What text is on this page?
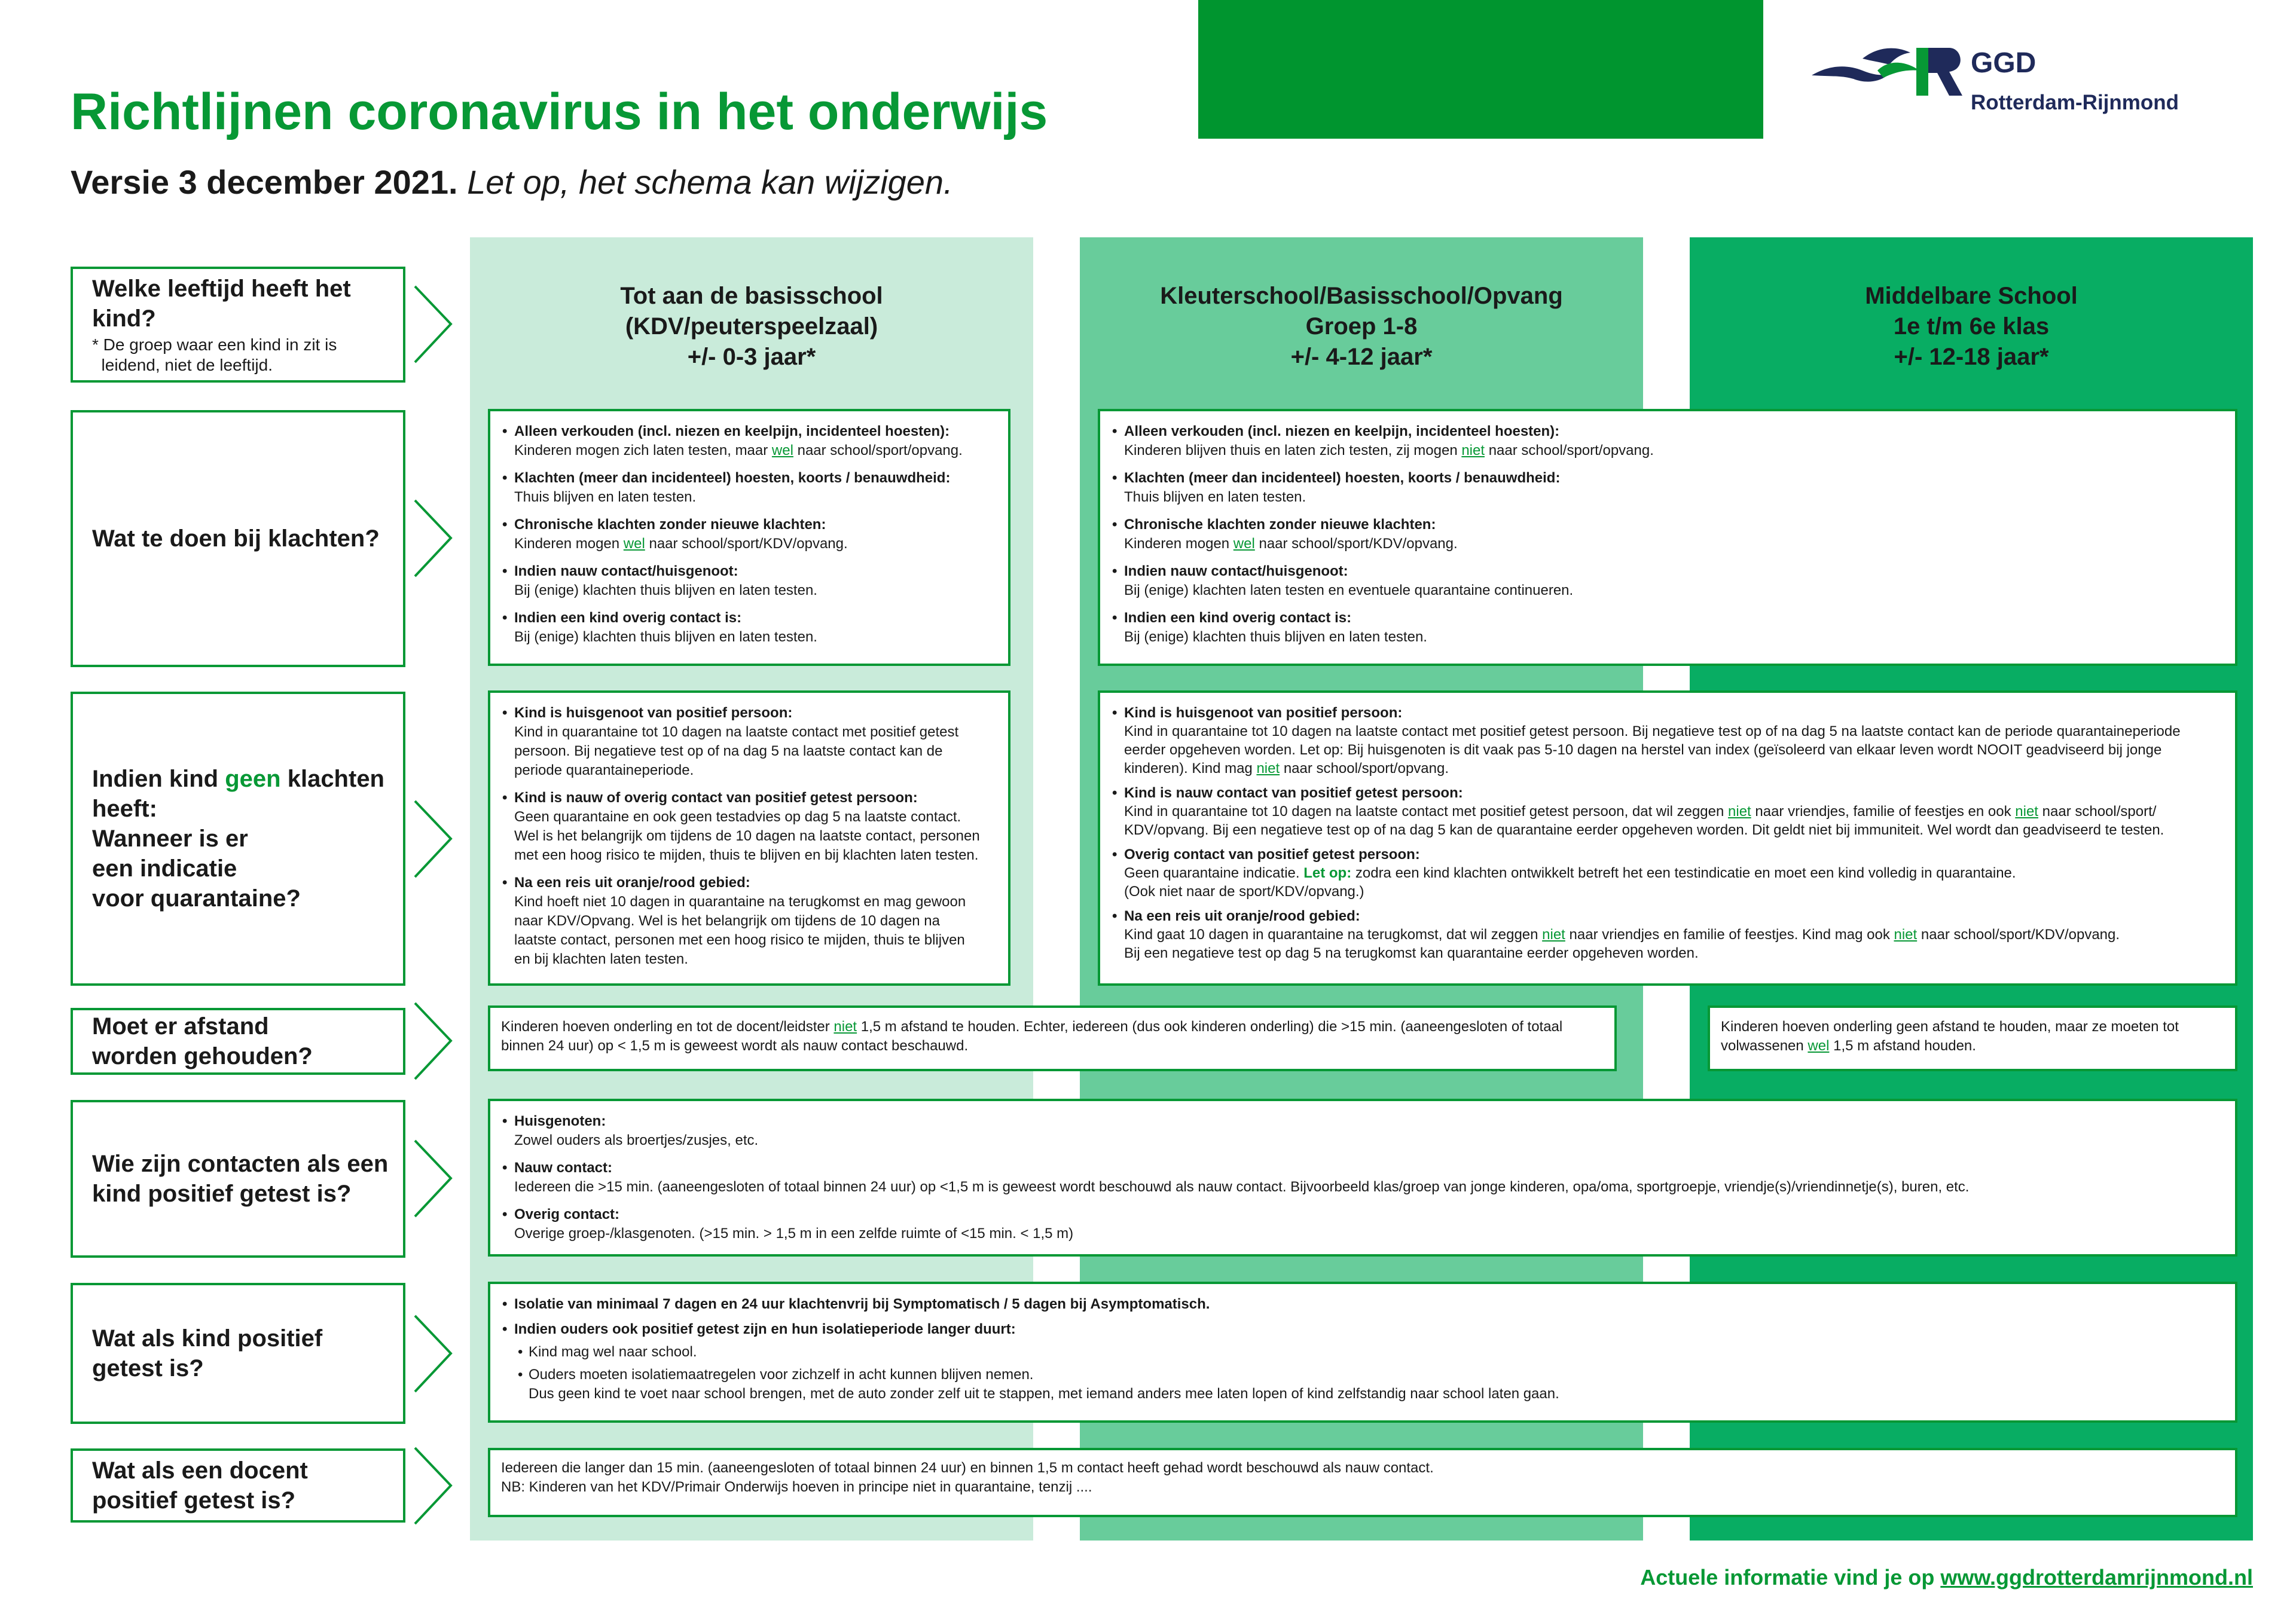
Richtlijnen coronavirus in het onderwijs
Versie 3 december 2021. Let op, het schema kan wijzigen.
GGD
Rotterdam-Rijnmond
Tot aan de basisschool
(KDV/peuterspeelzaal)
+/- 0-3 jaar*
Kleuterschool/Basisschool/Opvang
Groep 1-8
+/- 4-12 jaar*
Middelbare School
1e t/m 6e klas
+/- 12-18 jaar*

Welke leeftijd heeft het kind?

* De groep waar een kind in zit is
leidend, niet de leeftijd.

Wat te doen bij klachten?
Indien kind geen klachten heeft:
Wanneer is er
een indicatie
voor quarantaine?
Moet er afstand
worden gehouden?
Wie zijn contacten als een
kind positief getest is?
Wat als kind positief
getest is?
Wat als een docent
positief getest is?
• Alleen verkouden (incl. niezen en keelpijn, incidenteel hoesten):
Kinderen mogen zich laten testen, maar wel naar school/sport/opvang.
• Klachten (meer dan incidenteel) hoesten, koorts / benauwdheid:
Thuis blijven en laten testen.
• Chronische klachten zonder nieuwe klachten:
Kinderen mogen wel naar school/sport/KDV/opvang.
• Indien nauw contact/huisgenoot:
Bij (enige) klachten thuis blijven en laten testen.
• Indien een kind overig contact is:
Bij (enige) klachten thuis blijven en laten testen.
• Alleen verkouden (incl. niezen en keelpijn, incidenteel hoesten):
Kinderen blijven thuis en laten zich testen, zij mogen niet naar school/sport/opvang.
• Klachten (meer dan incidenteel) hoesten, koorts / benauwdheid:
Thuis blijven en laten testen.
• Chronische klachten zonder nieuwe klachten:
Kinderen mogen wel naar school/sport/KDV/opvang.
• Indien nauw contact/huisgenoot:
Bij (enige) klachten laten testen en eventuele quarantaine continueren.
• Indien een kind overig contact is:
Bij (enige) klachten thuis blijven en laten testen.
• Kind is huisgenoot van positief persoon:
Kind in quarantaine tot 10 dagen na laatste contact met positief getest
persoon. Bij negatieve test op of na dag 5 na laatste contact kan de
periode quarantaineperiode.
• Kind is nauw of overig contact van positief getest persoon:
Geen quarantaine en ook geen testadvies op dag 5 na laatste contact.
Wel is het belangrijk om tijdens de 10 dagen na laatste contact, personen
met een hoog risico te mijden, thuis te blijven en bij klachten laten testen.
• Na een reis uit oranje/rood gebied:
Kind hoeft niet 10 dagen in quarantaine na terugkomst en mag gewoon
naar KDV/Opvang. Wel is het belangrijk om tijdens de 10 dagen na
laatste contact, personen met een hoog risico te mijden, thuis te blijven
en bij klachten laten testen.
• Kind is huisgenoot van positief persoon:
Kind in quarantaine tot 10 dagen na laatste contact met positief getest persoon. Bij negatieve test op of na dag 5 na laatste contact kan de periode quarantaineperiode
eerder opgeheven worden. Let op: Bij huisgenoten is dit vaak pas 5-10 dagen na herstel van index (geïsoleerd van elkaar leven wordt NOOIT geadviseerd bij jonge
kinderen). Kind mag niet naar school/sport/opvang.
• Kind is nauw contact van positief getest persoon:
Kind in quarantaine tot 10 dagen na laatste contact met positief getest persoon, dat wil zeggen niet naar vriendjes, familie of feestjes en ook niet naar school/sport/
KDV/opvang. Bij een negatieve test op of na dag 5 kan de quarantaine eerder opgeheven worden. Dit geldt niet bij immuniteit. Wel wordt dan geadviseerd te testen.
• Overig contact van positief getest persoon:
Geen quarantaine indicatie. Let op: zodra een kind klachten ontwikkelt betreft het een testindicatie en moet een kind volledig in quarantaine.
(Ook niet naar de sport/KDV/opvang.)
• Na een reis uit oranje/rood gebied:
Kind gaat 10 dagen in quarantaine na terugkomst, dat wil zeggen niet naar vriendjes en familie of feestjes. Kind mag ook niet naar school/sport/KDV/opvang.
Bij een negatieve test op dag 5 na terugkomst kan quarantaine eerder opgeheven worden.
Kinderen hoeven onderling en tot de docent/leidster niet 1,5 m afstand te houden. Echter, iedereen (dus ook kinderen onderling) die >15 min. (aaneengesloten of totaal
binnen 24 uur) op < 1,5 m is geweest wordt als nauw contact beschauwd.
Kinderen hoeven onderling geen afstand te houden, maar ze moeten tot
volwassenen wel 1,5 m afstand houden.
• Huisgenoten:
Zowel ouders als broertjes/zusjes, etc.
• Nauw contact:
Iedereen die >15 min. (aaneengesloten of totaal binnen 24 uur) op <1,5 m is geweest wordt beschouwd als nauw contact. Bijvoorbeeld klas/groep van jonge kinderen, opa/oma, sportgroepje, vriendje(s)/vriendinnetje(s), buren, etc.
• Overig contact:
Overige groep-/klasgenoten. (>15 min. > 1,5 m in een zelfde ruimte of <15 min. < 1,5 m)
• Isolatie van minimaal 7 dagen en 24 uur klachtenvrij bij Symptomatisch / 5 dagen bij Asymptomatisch.
• Indien ouders ook positief getest zijn en hun isolatieperiode langer duurt:
• Kind mag wel naar school.
• Ouders moeten isolatiemaatregelen voor zichzelf in acht kunnen blijven nemen.
Dus geen kind te voet naar school brengen, met de auto zonder zelf uit te stappen, met iemand anders mee laten lopen of kind zelfstandig naar school laten gaan.
Iedereen die langer dan 15 min. (aaneengesloten of totaal binnen 24 uur) en binnen 1,5 m contact heeft gehad wordt beschouwd als nauw contact.
NB: Kinderen van het KDV/Primair Onderwijs hoeven in principe niet in quarantaine, tenzij ....
Actuele informatie vind je op www.ggdrotterdamrijnmond.nl
